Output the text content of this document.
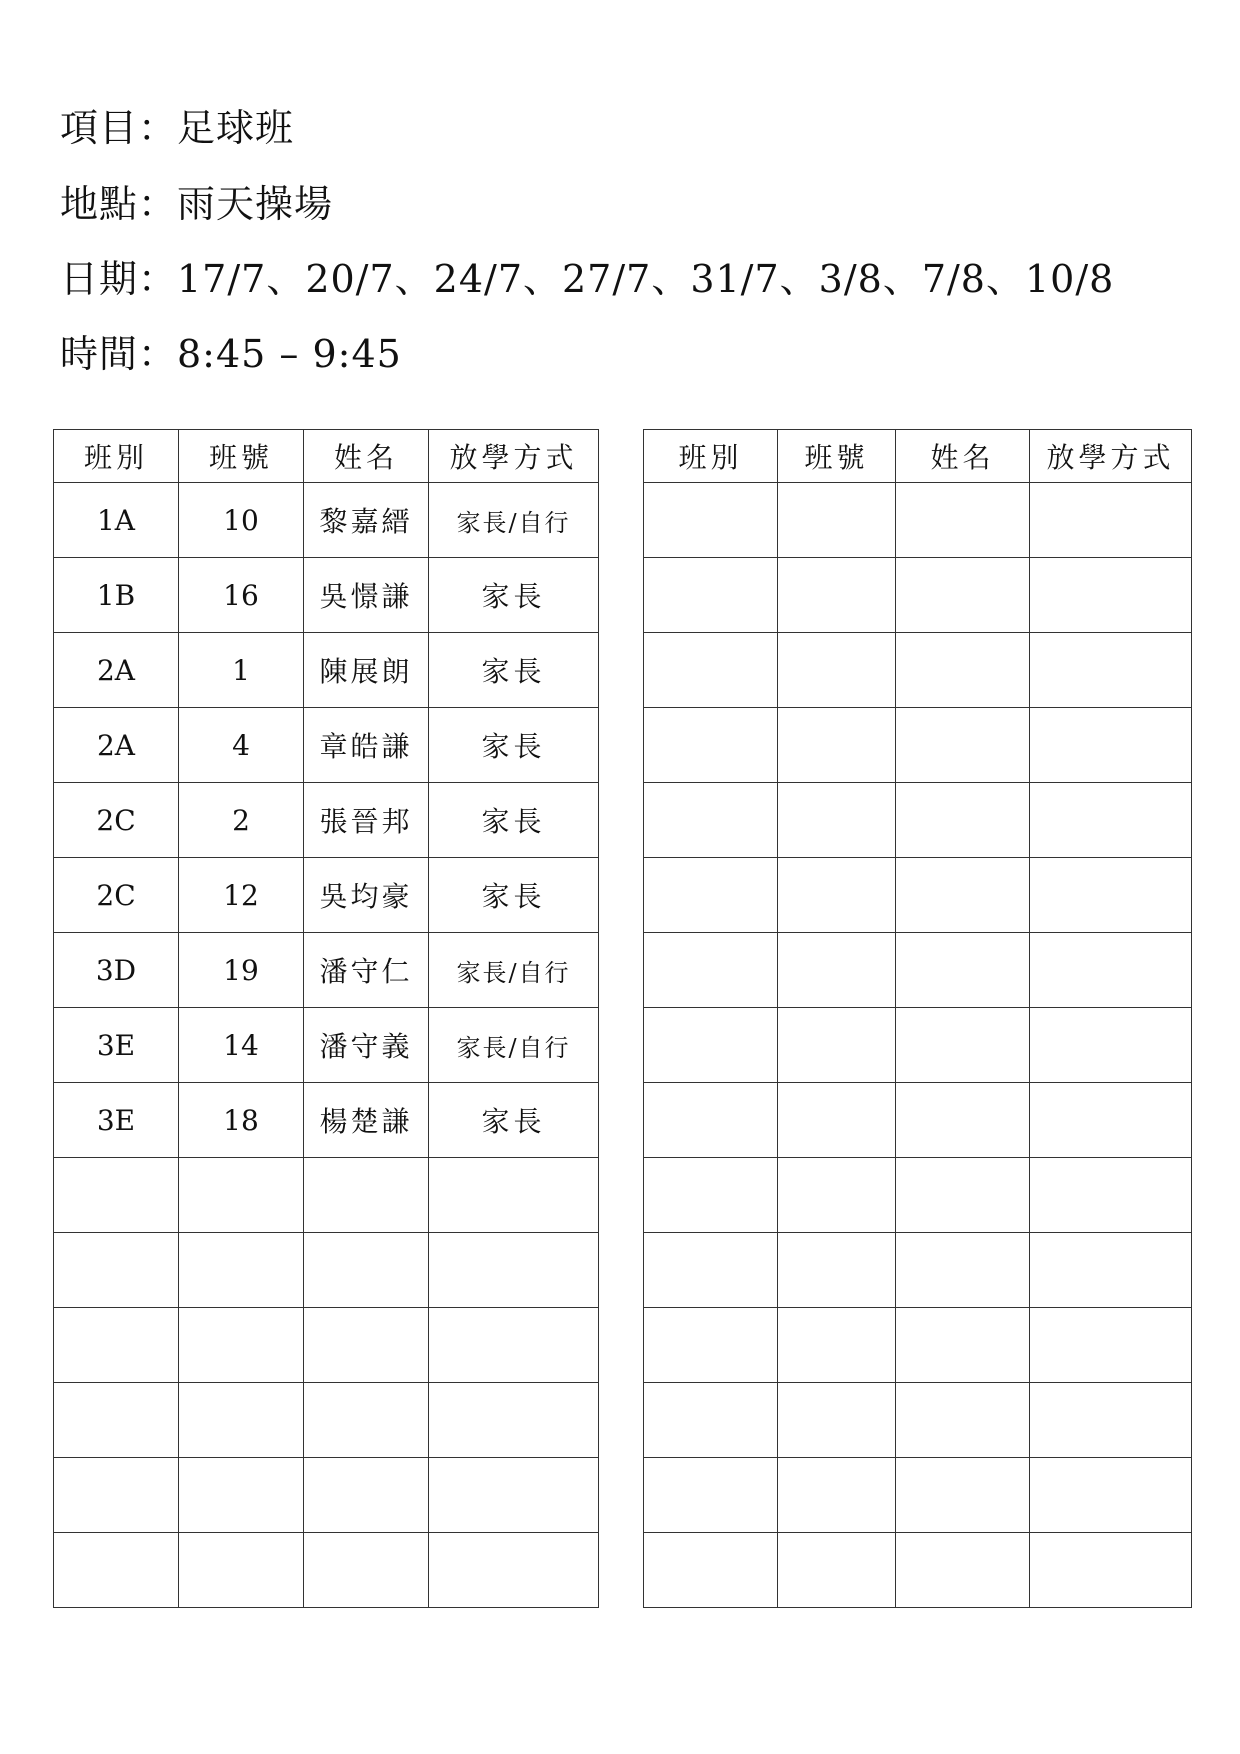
項目：足球班
地點：雨天操場
日期：17/7、20/7、24/7、27/7、31/7、3/8、7/8、10/8
時間：8:45 – 9:45
班別	班號	姓名	放學方式
1A	10	黎嘉縉	家長/自行
1B	16	吳憬謙	家長
2A	1	陳展朗	家長
2A	4	章皓謙	家長
2C	2	張晉邦	家長
2C	12	吳均豪	家長
3D	19	潘守仁	家長/自行
3E	14	潘守義	家長/自行
3E	18	楊楚謙	家長

班別	班號	姓名	放學方式
